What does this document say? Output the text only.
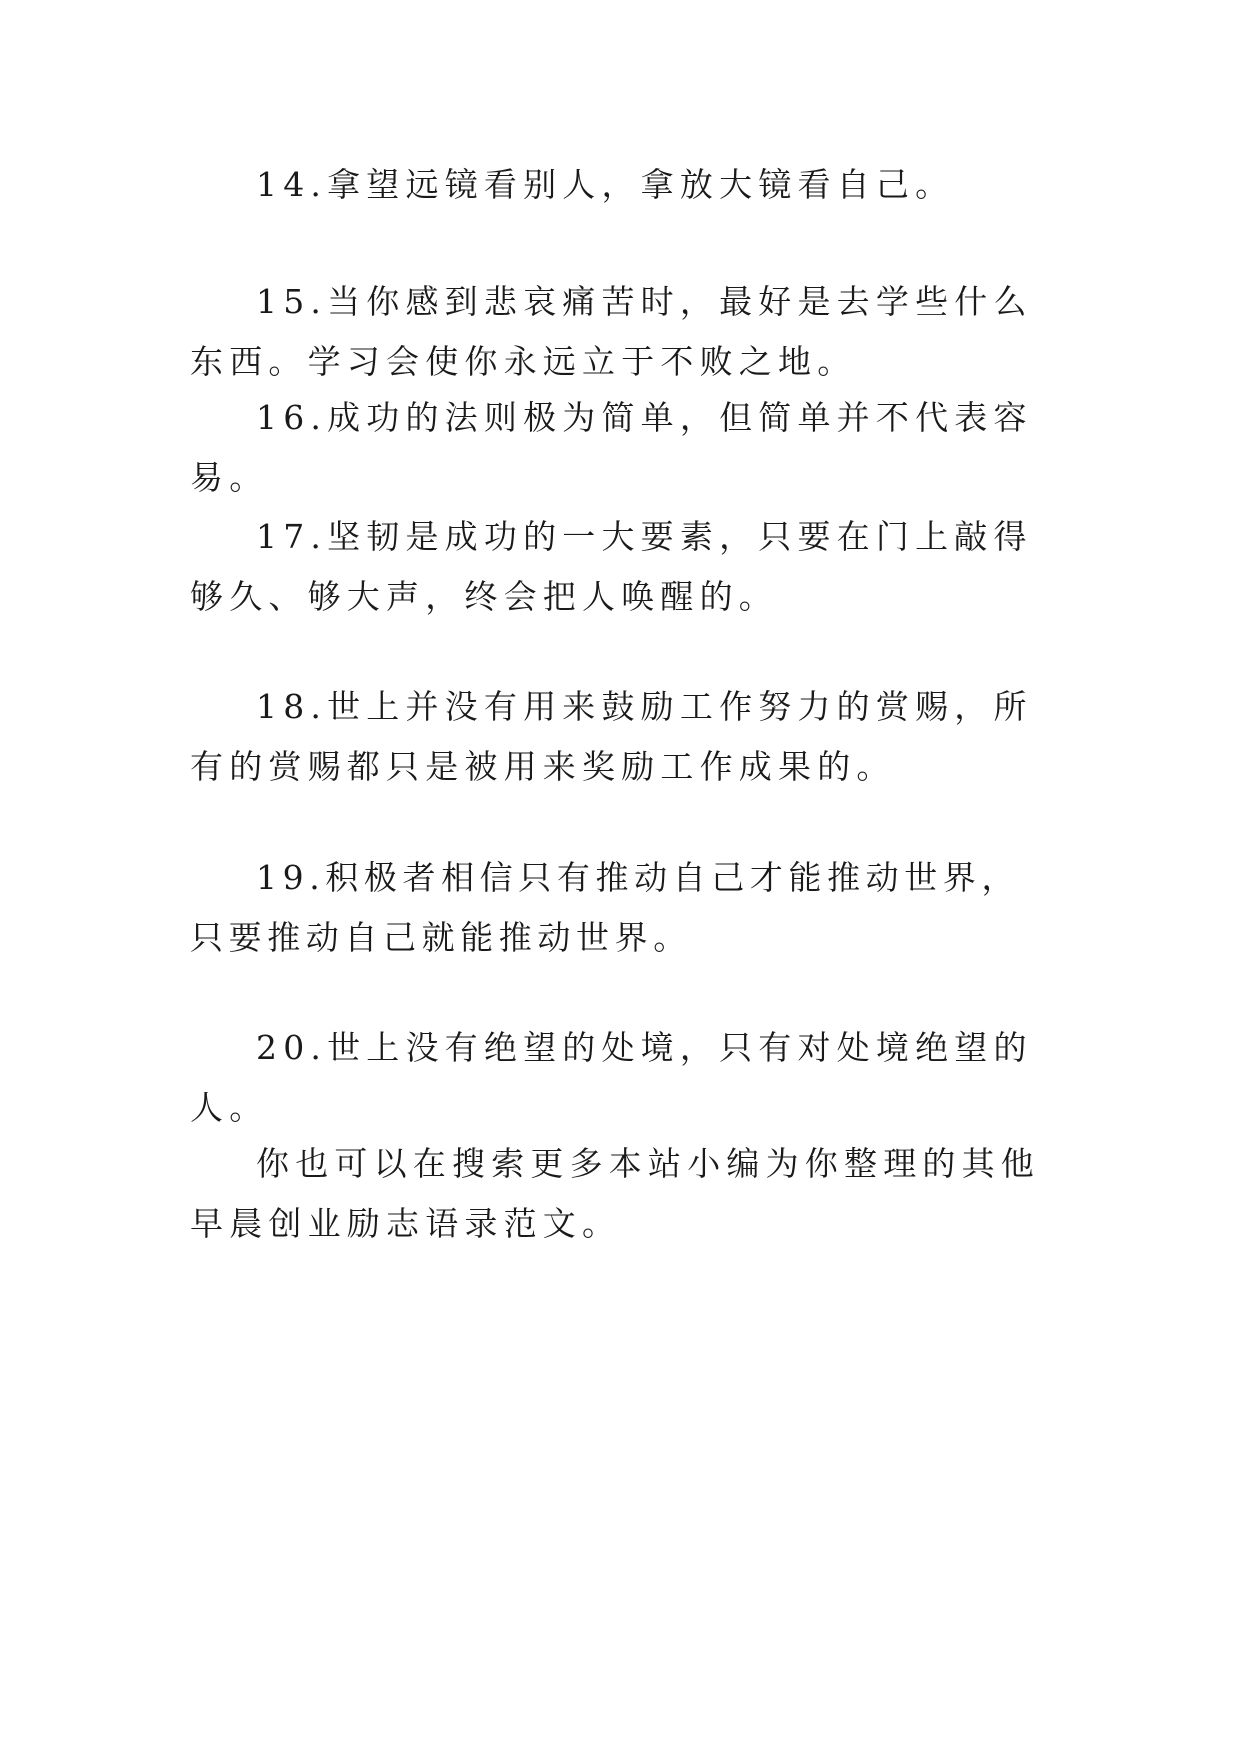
14.拿望远镜看别人，拿放大镜看自己。

15.当你感到悲哀痛苦时，最好是去学些什么东西。学习会使你永远立于不败之地。

16.成功的法则极为简单，但简单并不代表容易。

17.坚韧是成功的一大要素，只要在门上敲得够久、够大声，终会把人唤醒的。

18.世上并没有用来鼓励工作努力的赏赐，所有的赏赐都只是被用来奖励工作成果的。

19.积极者相信只有推动自己才能推动世界，只要推动自己就能推动世界。

20.世上没有绝望的处境，只有对处境绝望的人。

你也可以在搜索更多本站小编为你整理的其他早晨创业励志语录范文。
